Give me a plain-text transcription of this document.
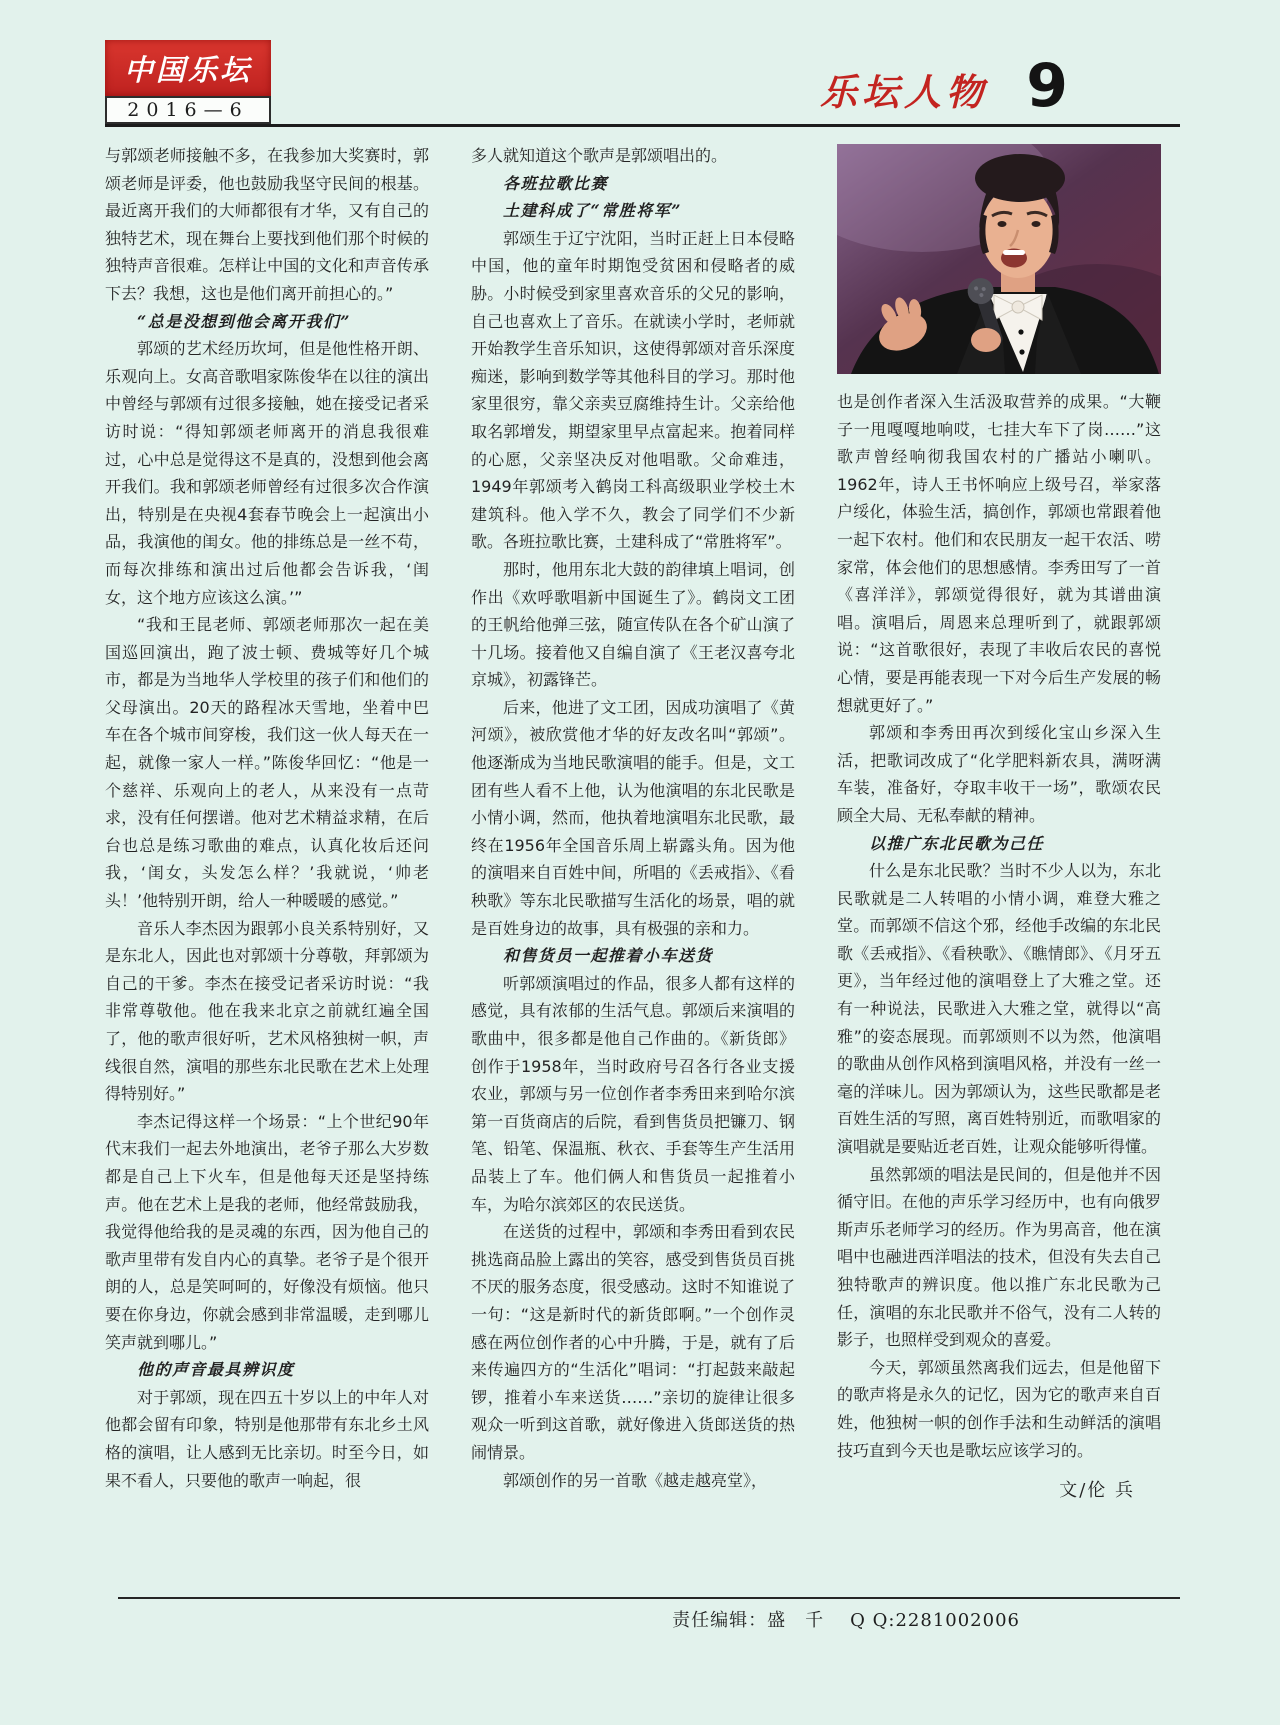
中国乐坛
2016—6	乐坛人物 9

与郭颂老师接触不多，在我参加大奖赛时，郭颂老师是评委，他也鼓励我坚守民间的根基。最近离开我们的大师都很有才华，又有自己的独特艺术，现在舞台上要找到他们那个时候的独特声音很难。怎样让中国的文化和声音传承下去？我想，这也是他们离开前担心的。”

“总是没想到他会离开我们”

郭颂的艺术经历坎坷，但是他性格开朗、乐观向上。女高音歌唱家陈俊华在以往的演出中曾经与郭颂有过很多接触，她在接受记者采访时说：“得知郭颂老师离开的消息我很难过，心中总是觉得这不是真的，没想到他会离开我们。我和郭颂老师曾经有过很多次合作演出，特别是在央视4套春节晚会上一起演出小品，我演他的闺女。他的排练总是一丝不苟，而每次排练和演出过后他都会告诉我，‘闺女，这个地方应该这么演。’”

“我和王昆老师、郭颂老师那次一起在美国巡回演出，跑了波士顿、费城等好几个城市，都是为当地华人学校里的孩子们和他们的父母演出。20天的路程冰天雪地，坐着中巴车在各个城市间穿梭，我们这一伙人每天在一起，就像一家人一样。”陈俊华回忆：“他是一个慈祥、乐观向上的老人，从来没有一点苛求，没有任何摆谱。他对艺术精益求精，在后台也总是练习歌曲的难点，认真化妆后还问我，‘闺女，头发怎么样？’我就说，‘帅老头！’他特别开朗，给人一种暖暖的感觉。”

音乐人李杰因为跟郭小良关系特别好，又是东北人，因此也对郭颂十分尊敬，拜郭颂为自己的干爹。李杰在接受记者采访时说：“我非常尊敬他。他在我来北京之前就红遍全国了，他的歌声很好听，艺术风格独树一帜，声线很自然，演唱的那些东北民歌在艺术上处理得特别好。”

李杰记得这样一个场景：“上个世纪90年代末我们一起去外地演出，老爷子那么大岁数都是自己上下火车，但是他每天还是坚持练声。他在艺术上是我的老师，他经常鼓励我，我觉得他给我的是灵魂的东西，因为他自己的歌声里带有发自内心的真挚。老爷子是个很开朗的人，总是笑呵呵的，好像没有烦恼。他只要在你身边，你就会感到非常温暖，走到哪儿笑声就到哪儿。”

他的声音最具辨识度

对于郭颂，现在四五十岁以上的中年人对他都会留有印象，特别是他那带有东北乡土风格的演唱，让人感到无比亲切。时至今日，如果不看人，只要他的歌声一响起，很

多人就知道这个歌声是郭颂唱出的。

各班拉歌比赛

土建科成了“常胜将军”

郭颂生于辽宁沈阳，当时正赶上日本侵略中国，他的童年时期饱受贫困和侵略者的威胁。小时候受到家里喜欢音乐的父兄的影响，自己也喜欢上了音乐。在就读小学时，老师就开始教学生音乐知识，这使得郭颂对音乐深度痴迷，影响到数学等其他科目的学习。那时他家里很穷，靠父亲卖豆腐维持生计。父亲给他取名郭增发，期望家里早点富起来。抱着同样的心愿，父亲坚决反对他唱歌。父命难违，1949年郭颂考入鹤岗工科高级职业学校土木建筑科。他入学不久，教会了同学们不少新歌。各班拉歌比赛，土建科成了“常胜将军”。

那时，他用东北大鼓的韵律填上唱词，创作出《欢呼歌唱新中国诞生了》。鹤岗文工团的王帆给他弹三弦，随宣传队在各个矿山演了十几场。接着他又自编自演了《王老汉喜夸北京城》，初露锋芒。

后来，他进了文工团，因成功演唱了《黄河颂》，被欣赏他才华的好友改名叫“郭颂”。他逐渐成为当地民歌演唱的能手。但是，文工团有些人看不上他，认为他演唱的东北民歌是小情小调，然而，他执着地演唱东北民歌，最终在1956年全国音乐周上崭露头角。因为他的演唱来自百姓中间，所唱的《丢戒指》、《看秧歌》等东北民歌描写生活化的场景，唱的就是百姓身边的故事，具有极强的亲和力。

和售货员一起推着小车送货

听郭颂演唱过的作品，很多人都有这样的感觉，具有浓郁的生活气息。郭颂后来演唱的歌曲中，很多都是他自己作曲的。《新货郎》创作于1958年，当时政府号召各行各业支援农业，郭颂与另一位创作者李秀田来到哈尔滨第一百货商店的后院，看到售货员把镰刀、钢笔、铅笔、保温瓶、秋衣、手套等生产生活用品装上了车。他们俩人和售货员一起推着小车，为哈尔滨郊区的农民送货。

在送货的过程中，郭颂和李秀田看到农民挑选商品脸上露出的笑容，感受到售货员百挑不厌的服务态度，很受感动。这时不知谁说了一句：“这是新时代的新货郎啊。”一个创作灵感在两位创作者的心中升腾，于是，就有了后来传遍四方的“生活化”唱词：“打起鼓来敲起锣，推着小车来送货……”亲切的旋律让很多观众一听到这首歌，就好像进入货郎送货的热闹情景。

郭颂创作的另一首歌《越走越亮堂》，

也是创作者深入生活汲取营养的成果。“大鞭子一甩嘎嘎地响哎，七挂大车下了岗……”这歌声曾经响彻我国农村的广播站小喇叭。1962年，诗人王书怀响应上级号召，举家落户绥化，体验生活，搞创作，郭颂也常跟着他一起下农村。他们和农民朋友一起干农活、唠家常，体会他们的思想感情。李秀田写了一首《喜洋洋》，郭颂觉得很好，就为其谱曲演唱。演唱后，周恩来总理听到了，就跟郭颂说：“这首歌很好，表现了丰收后农民的喜悦心情，要是再能表现一下对今后生产发展的畅想就更好了。”

郭颂和李秀田再次到绥化宝山乡深入生活，把歌词改成了“化学肥料新农具，满呀满车装，准备好，夺取丰收干一场”，歌颂农民顾全大局、无私奉献的精神。

以推广东北民歌为己任

什么是东北民歌？当时不少人以为，东北民歌就是二人转唱的小情小调，难登大雅之堂。而郭颂不信这个邪，经他手改编的东北民歌《丢戒指》、《看秧歌》、《瞧情郎》、《月牙五更》，当年经过他的演唱登上了大雅之堂。还有一种说法，民歌进入大雅之堂，就得以“高雅”的姿态展现。而郭颂则不以为然，他演唱的歌曲从创作风格到演唱风格，并没有一丝一毫的洋味儿。因为郭颂认为，这些民歌都是老百姓生活的写照，离百姓特别近，而歌唱家的演唱就是要贴近老百姓，让观众能够听得懂。

虽然郭颂的唱法是民间的，但是他并不因循守旧。在他的声乐学习经历中，也有向俄罗斯声乐老师学习的经历。作为男高音，他在演唱中也融进西洋唱法的技术，但没有失去自己独特歌声的辨识度。他以推广东北民歌为己任，演唱的东北民歌并不俗气，没有二人转的影子，也照样受到观众的喜爱。

今天，郭颂虽然离我们远去，但是他留下的歌声将是永久的记忆，因为它的歌声来自百姓，他独树一帜的创作手法和生动鲜活的演唱技巧直到今天也是歌坛应该学习的。

文/伦 兵
责任编辑：盛　千 Q Q:2281002006
